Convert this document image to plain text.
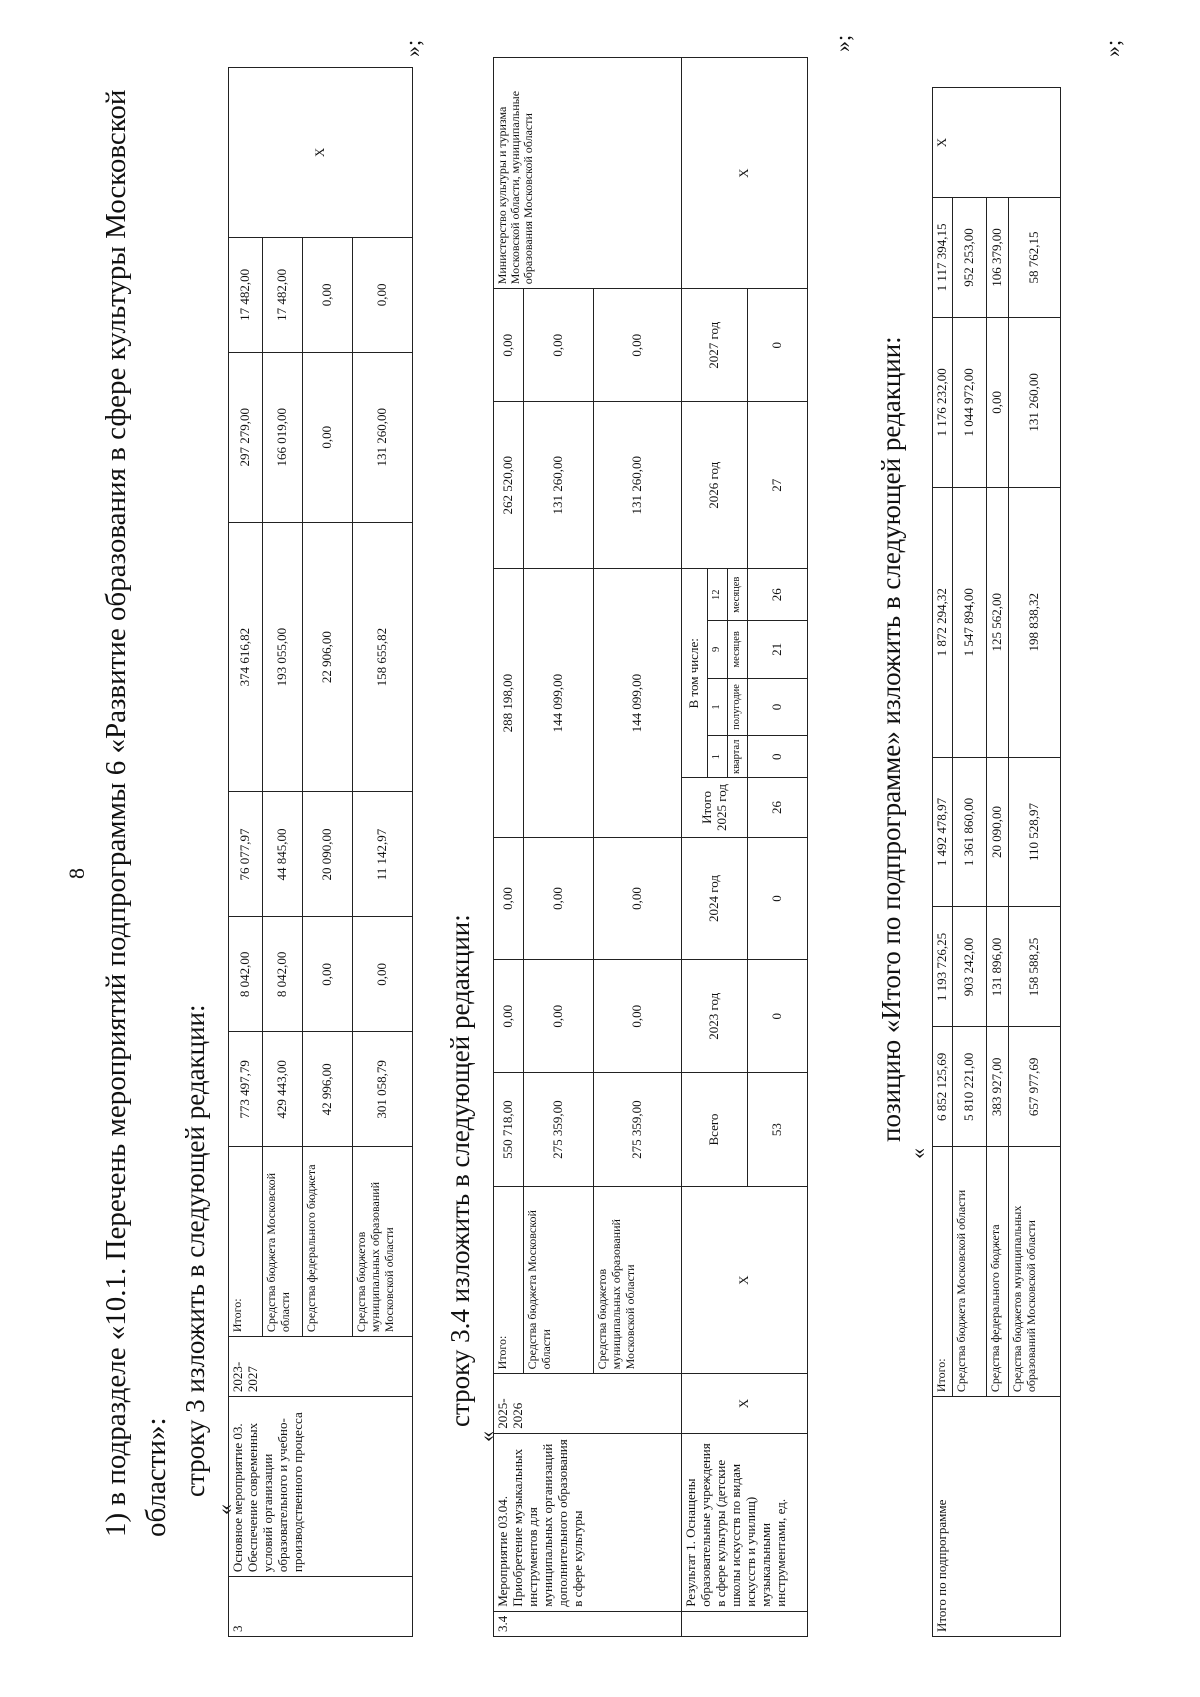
8 1) в подразделе «10.1. Перечень мероприятий подпрограммы 6 «Развитие образования в сфере культуры Московской области»: строку 3 изложить в следующей редакции:
«
3	Основное мероприятие 03. Обеспечение современных условий организации образовательного и учебно-производственного процесса	2023-2027	Итого:	773 497,79	8 042,00	76 077,97	374 616,82	297 279,00	17 482,00	X
			Средства бюджета Московской области	429 443,00	8 042,00	44 845,00	193 055,00	166 019,00	17 482,00	
			Средства федерального бюджета	42 996,00	0,00	20 090,00	22 906,00	0,00	0,00	
			Средства бюджетов муниципальных образований Московской области	301 058,79	0,00	11 142,97	158 655,82	131 260,00	0,00	
»;
строку 3.4 изложить в следующей редакции:
«
3.4	Мероприятие 03.04. Приобретение музыкальных инструментов для муниципальных организаций дополнительного образования в сфере культуры	2025-2026	Итого:	550 718,00	0,00	0,00	288 198,00					262 520,00	0,00	Министерство культуры и туризма Московской области, муниципальные образования Московской области
			Средства бюджета Московской области	275 359,00	0,00	0,00	144 099,00					131 260,00	0,00	
			Средства бюджетов муниципальных образований Московской области	275 359,00	0,00	0,00	144 099,00					131 260,00	0,00	
	Результат 1. Оснащены образовательные учреждения в сфере культуры (детские школы искусств по видам искусств и училищ) музыкальными инструментами, ед.	X	X	Всего	2023 год	2024 год	Итого 2025 год	В том числе:				2026 год	2027 год	X
								1	1	9	12			
								квартал	полугодие	месяцев	месяцев			
				53	0	0	26	0	0	21	26	27	0	
»;
позицию «Итого по подпрограмме» изложить в следующей редакции:
«
Итого по подпрограмме	Итого:	6 852 125,69	1 193 726,25	1 492 478,97	1 872 294,32	1 176 232,00	1 117 394,15	X
	Средства бюджета Московской области	5 810 221,00	903 242,00	1 361 860,00	1 547 894,00	1 044 972,00	952 253,00	
	Средства федерального бюджета	383 927,00	131 896,00	20 090,00	125 562,00	0,00	106 379,00	
	Средства бюджетов муниципальных образований Московской области	657 977,69	158 588,25	110 528,97	198 838,32	131 260,00	58 762,15	
»;
